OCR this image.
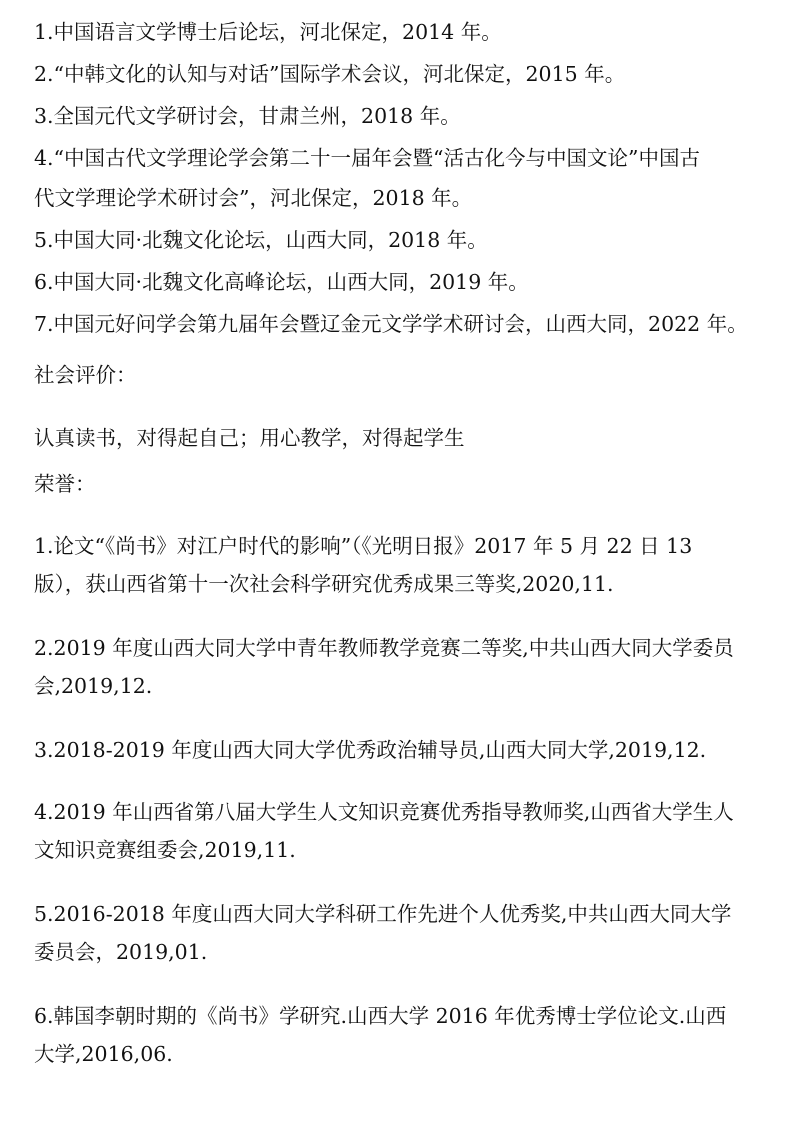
1.中国语言文学博士后论坛，河北保定，2014 年。
2.“中韩文化的认知与对话”国际学术会议，河北保定，2015 年。
3.全国元代文学研讨会，甘肃兰州，2018 年。
4.“中国古代文学理论学会第二十一届年会暨“活古化今与中国文论”中国古
代文学理论学术研讨会”，河北保定，2018 年。
5.中国大同·北魏文化论坛，山西大同，2018 年。
6.中国大同·北魏文化高峰论坛，山西大同，2019 年。
7.中国元好问学会第九届年会暨辽金元文学学术研讨会，山西大同，2022 年。
社会评价：
认真读书，对得起自己；用心教学，对得起学生
荣誉：
1.论文“《尚书》对江户时代的影响”（《光明日报》2017 年 5 月 22 日 13
版），获山西省第十一次社会科学研究优秀成果三等奖,2020,11.
2.2019 年度山西大同大学中青年教师教学竞赛二等奖,中共山西大同大学委员
会,2019,12.
3.2018-2019 年度山西大同大学优秀政治辅导员,山西大同大学,2019,12.
4.2019 年山西省第八届大学生人文知识竞赛优秀指导教师奖,山西省大学生人
文知识竞赛组委会,2019,11.
5.2016-2018 年度山西大同大学科研工作先进个人优秀奖,中共山西大同大学
委员会，2019,01.
6.韩国李朝时期的《尚书》学研究.山西大学 2016 年优秀博士学位论文.山西
大学,2016,06.
